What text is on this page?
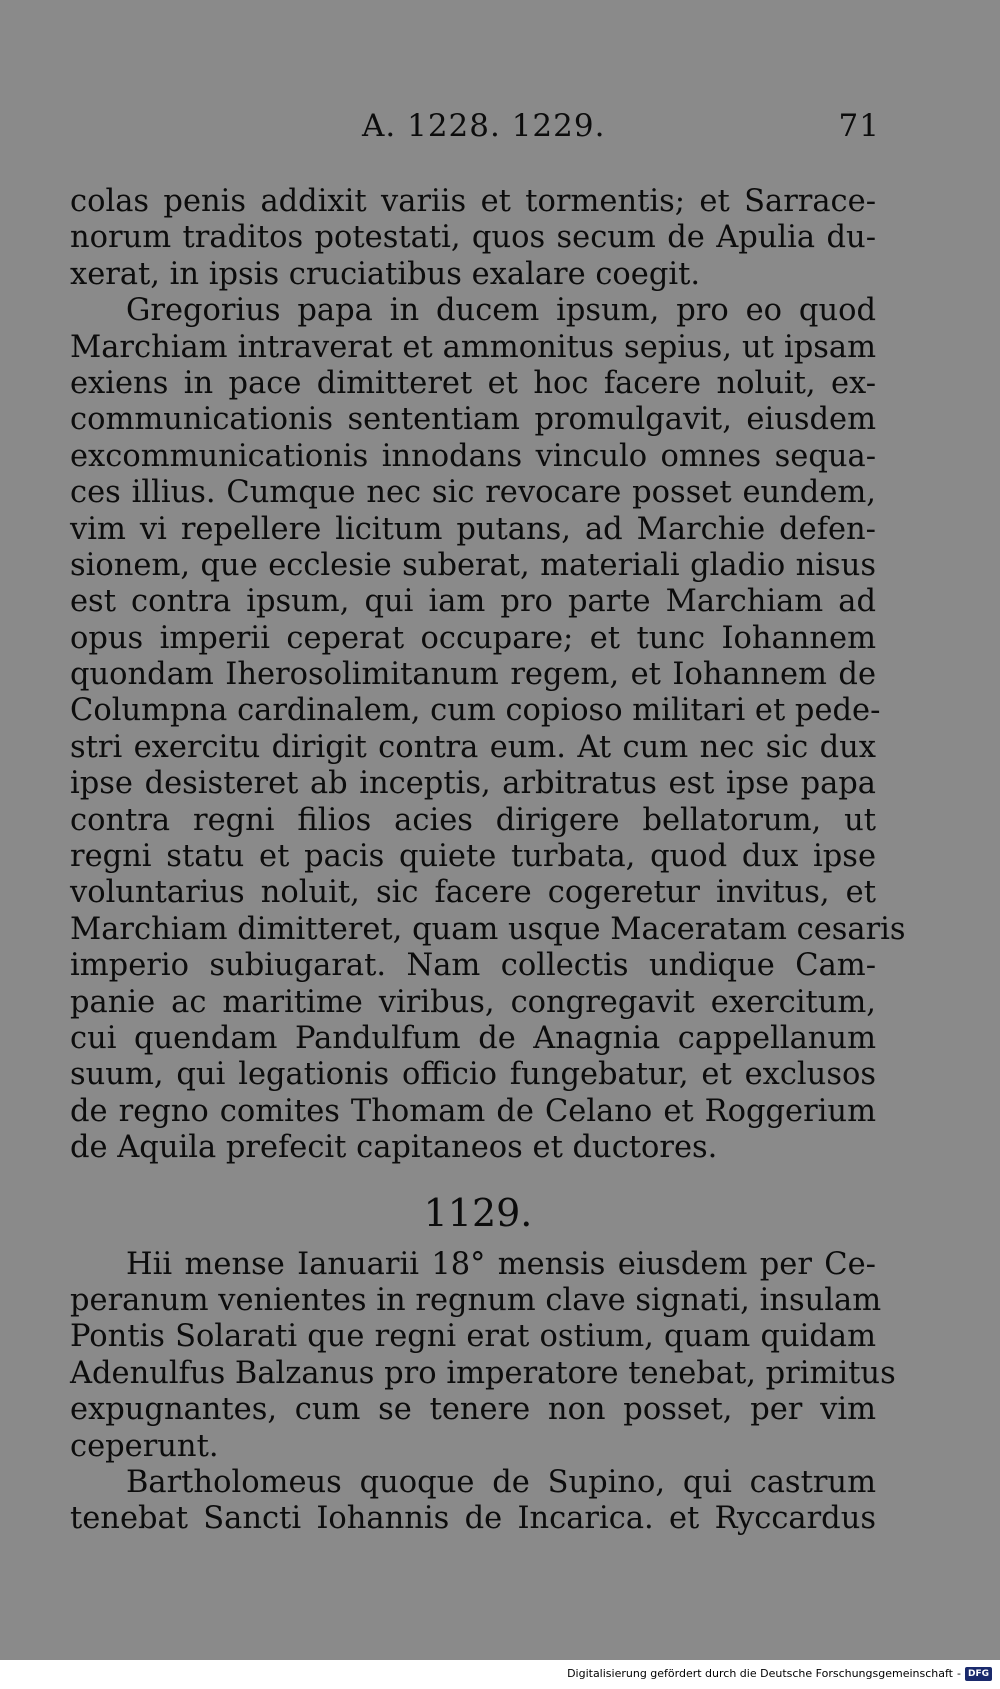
A. 1228. 1229.	71
colas penis addixit variis et tormentis; et Sarrace-
norum traditos potestati, quos secum de Apulia du-
xerat, in ipsis cruciatibus exalare coegit.
Gregorius papa in ducem ipsum, pro eo quod
Marchiam intraverat et ammonitus sepius, ut ipsam
exiens in pace dimitteret et hoc facere noluit, ex-
communicationis sententiam promulgavit, eiusdem
excommunicationis innodans vinculo omnes sequa-
ces illius. Cumque nec sic revocare posset eundem,
vim vi repellere licitum putans, ad Marchie defen-
sionem, que ecclesie suberat, materiali gladio nisus
est contra ipsum, qui iam pro parte Marchiam ad
opus imperii ceperat occupare; et tunc Iohannem
quondam Iherosolimitanum regem, et Iohannem de
Columpna cardinalem, cum copioso militari et pede-
stri exercitu dirigit contra eum. At cum nec sic dux
ipse desisteret ab inceptis, arbitratus est ipse papa
contra regni filios acies dirigere bellatorum, ut
regni statu et pacis quiete turbata, quod dux ipse
voluntarius noluit, sic facere cogeretur invitus, et
Marchiam dimitteret, quam usque Maceratam cesaris
imperio subiugarat. Nam collectis undique Cam-
panie ac maritime viribus, congregavit exercitum,
cui quendam Pandulfum de Anagnia cappellanum
suum, qui legationis officio fungebatur, et exclusos
de regno comites Thomam de Celano et Roggerium
de Aquila prefecit capitaneos et ductores.
1129.
Hii mense Ianuarii 18° mensis eiusdem per Ce-
peranum venientes in regnum clave signati, insulam
Pontis Solarati que regni erat ostium, quam quidam
Adenulfus Balzanus pro imperatore tenebat, primitus
expugnantes, cum se tenere non posset, per vim
ceperunt.
Bartholomeus quoque de Supino, qui castrum
tenebat Sancti Iohannis de Incarica. et Ryccardus
Digitalisierung gefördert durch die Deutsche Forschungsgemeinschaft - DFG
